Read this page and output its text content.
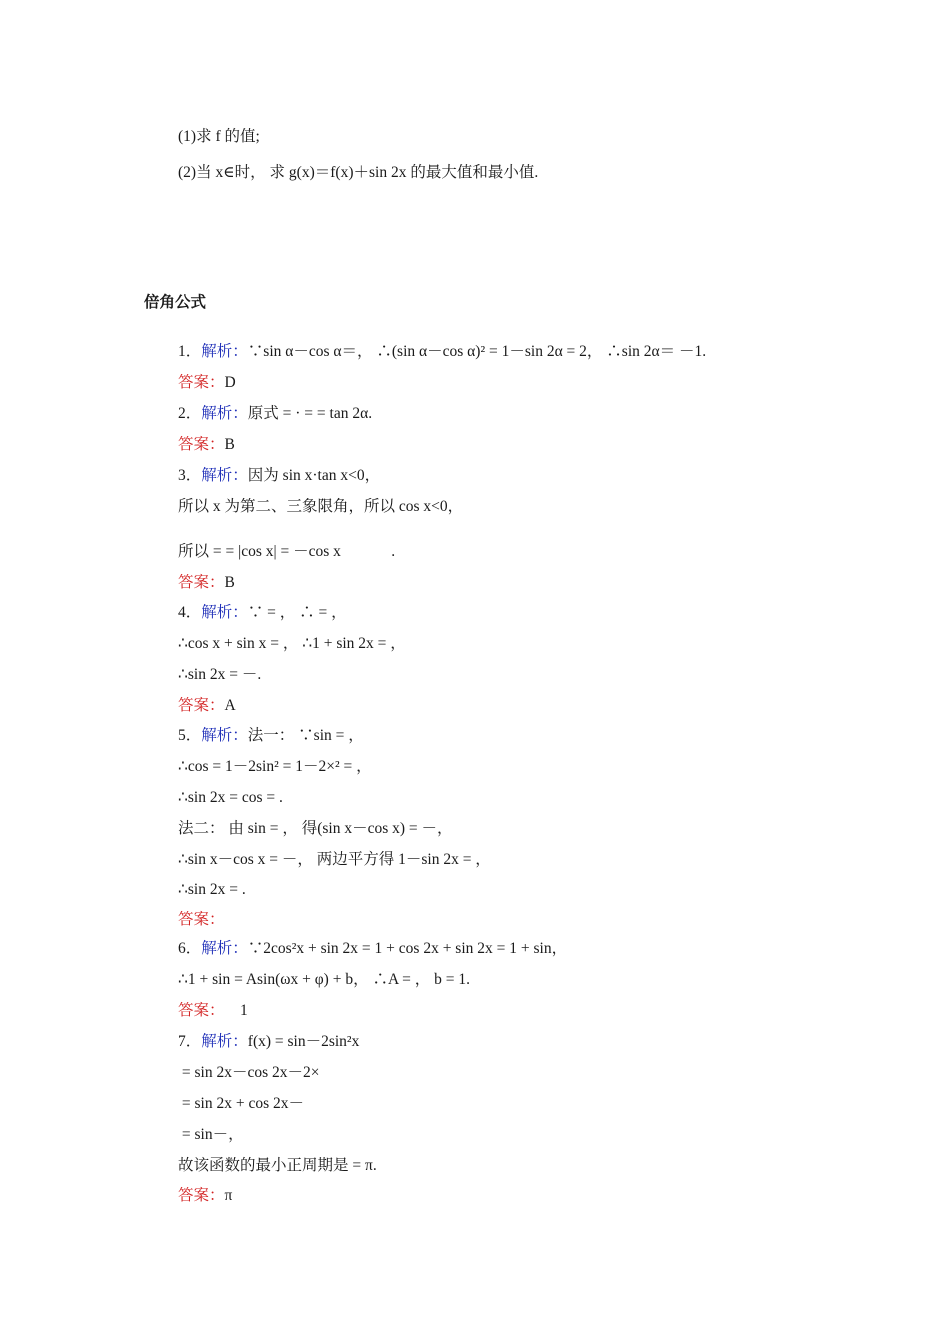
(1)求 f 的值;
(2)当 x∈时， 求 g(x)＝f(x)＋sin 2x 的最大值和最小值.
倍角公式
1．解析：∵sin α－cos α＝， ∴(sin α－cos α)² = 1－sin 2α = 2， ∴sin 2α＝ －1.
答案：D
2．解析：原式 = · = = tan 2α.
答案：B
3．解析：因为 sin x·tan x<0，
所以 x 为第二、三象限角，所以 cos x<0，
所以 = = |cos x| = －cos x             .
答案：B
4．解析：∵ = ， ∴ = ，
∴cos x + sin x = ， ∴1 + sin 2x = ，
∴sin 2x = －.
答案：A
5．解析：法一： ∵sin = ，
∴cos = 1－2sin² = 1－2×² = ，
∴sin 2x = cos = .
法二： 由 sin = ， 得(sin x－cos x) = －，
∴sin x－cos x = －， 两边平方得 1－sin 2x = ，
∴sin 2x = .
答案：
6．解析：∵2cos²x + sin 2x = 1 + cos 2x + sin 2x = 1 + sin，
∴1 + sin = Asin(ωx + φ) + b， ∴A = ， b = 1.
答案：    1
7．解析：f(x) = sin－2sin²x
= sin 2x－cos 2x－2×
= sin 2x + cos 2x－
= sin－，
故该函数的最小正周期是 = π.
答案：π
